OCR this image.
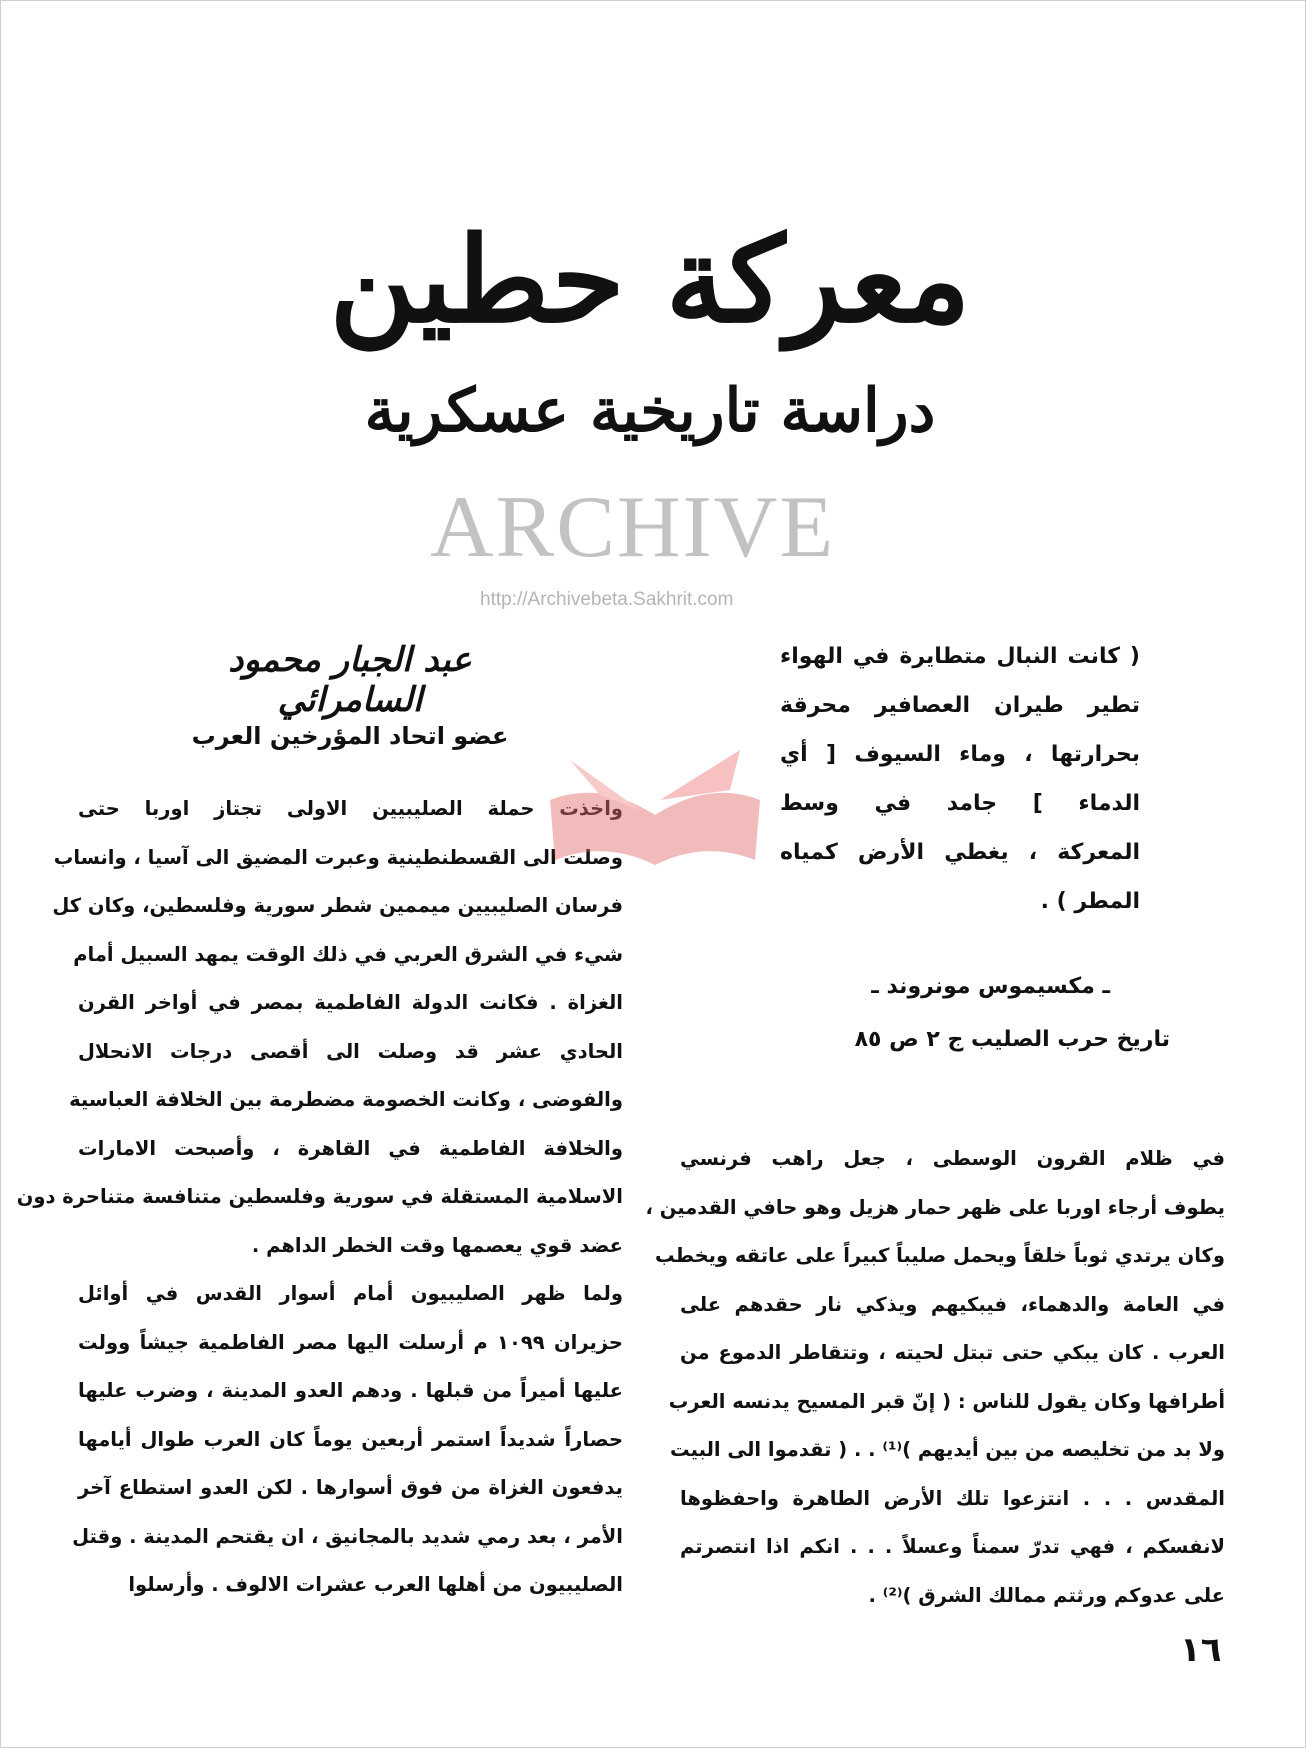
معركة حطين
دراسة تاريخية عسكرية
عبد الجبار محمود السامرائي
عضو اتحاد المؤرخين العرب
( كانت النبال متطايرة في الهواء
تطير طيران العصافير محرقة
بحرارتها ، وماء السيوف [ أي
الدماء ] جامد في وسط
المعركة ، يغطي الأرض كمياه
المطر ) .
ـ مكسيموس مونروند ـ
تاريخ حرب الصليب ج ٢ ص ٨٥
في ظلام القرون الوسطى ، جعل راهب فرنسي
يطوف أرجاء اوربا على ظهر حمار هزيل وهو حافي القدمين ،
وكان يرتدي ثوباً خلقاً ويحمل صليباً كبيراً على عاتقه ويخطب
في العامة والدهماء، فيبكيهم ويذكي نار حقدهم على
العرب . كان يبكي حتى تبتل لحيته ، وتتقاطر الدموع من
أطرافها وكان يقول للناس : ( إنّ قبر المسيح يدنسه العرب
ولا بد من تخليصه من بين أيديهم )⁽¹⁾ . . ( تقدموا الى البيت
المقدس . . . انتزعوا تلك الأرض الطاهرة واحفظوها
لانفسكم ، فهي تدرّ سمناً وعسلاً . . . انكم اذا انتصرتم
على عدوكم ورثتم ممالك الشرق )⁽²⁾ .
واخذت حملة الصليبيين الاولى تجتاز اوربا حتى
وصلت الى القسطنطينية وعبرت المضيق الى آسيا ، وانساب
فرسان الصليبيين ميممين شطر سورية وفلسطين، وكان كل
شيء في الشرق العربي في ذلك الوقت يمهد السبيل أمام
الغزاة . فكانت الدولة الفاطمية بمصر في أواخر القرن
الحادي عشر قد وصلت الى أقصى درجات الانحلال
والفوضى ، وكانت الخصومة مضطرمة بين الخلافة العباسية
والخلافة الفاطمية في القاهرة ، وأصبحت الامارات
الاسلامية المستقلة في سورية وفلسطين متنافسة متناحرة دون
عضد قوي يعصمها وقت الخطر الداهم .
ولما ظهر الصليبيون أمام أسوار القدس في أوائل
حزيران ١٠٩٩ م أرسلت اليها مصر الفاطمية جيشاً وولت
عليها أميراً من قبلها . ودهم العدو المدينة ، وضرب عليها
حصاراً شديداً استمر أربعين يوماً كان العرب طوال أيامها
يدفعون الغزاة من فوق أسوارها . لكن العدو استطاع آخر
الأمر ، بعد رمي شديد بالمجانيق ، ان يقتحم المدينة . وقتل
الصليبيون من أهلها العرب عشرات الالوف . وأرسلوا
١٦
ARCHIVE
http://Archivebeta.Sakhrit.com
